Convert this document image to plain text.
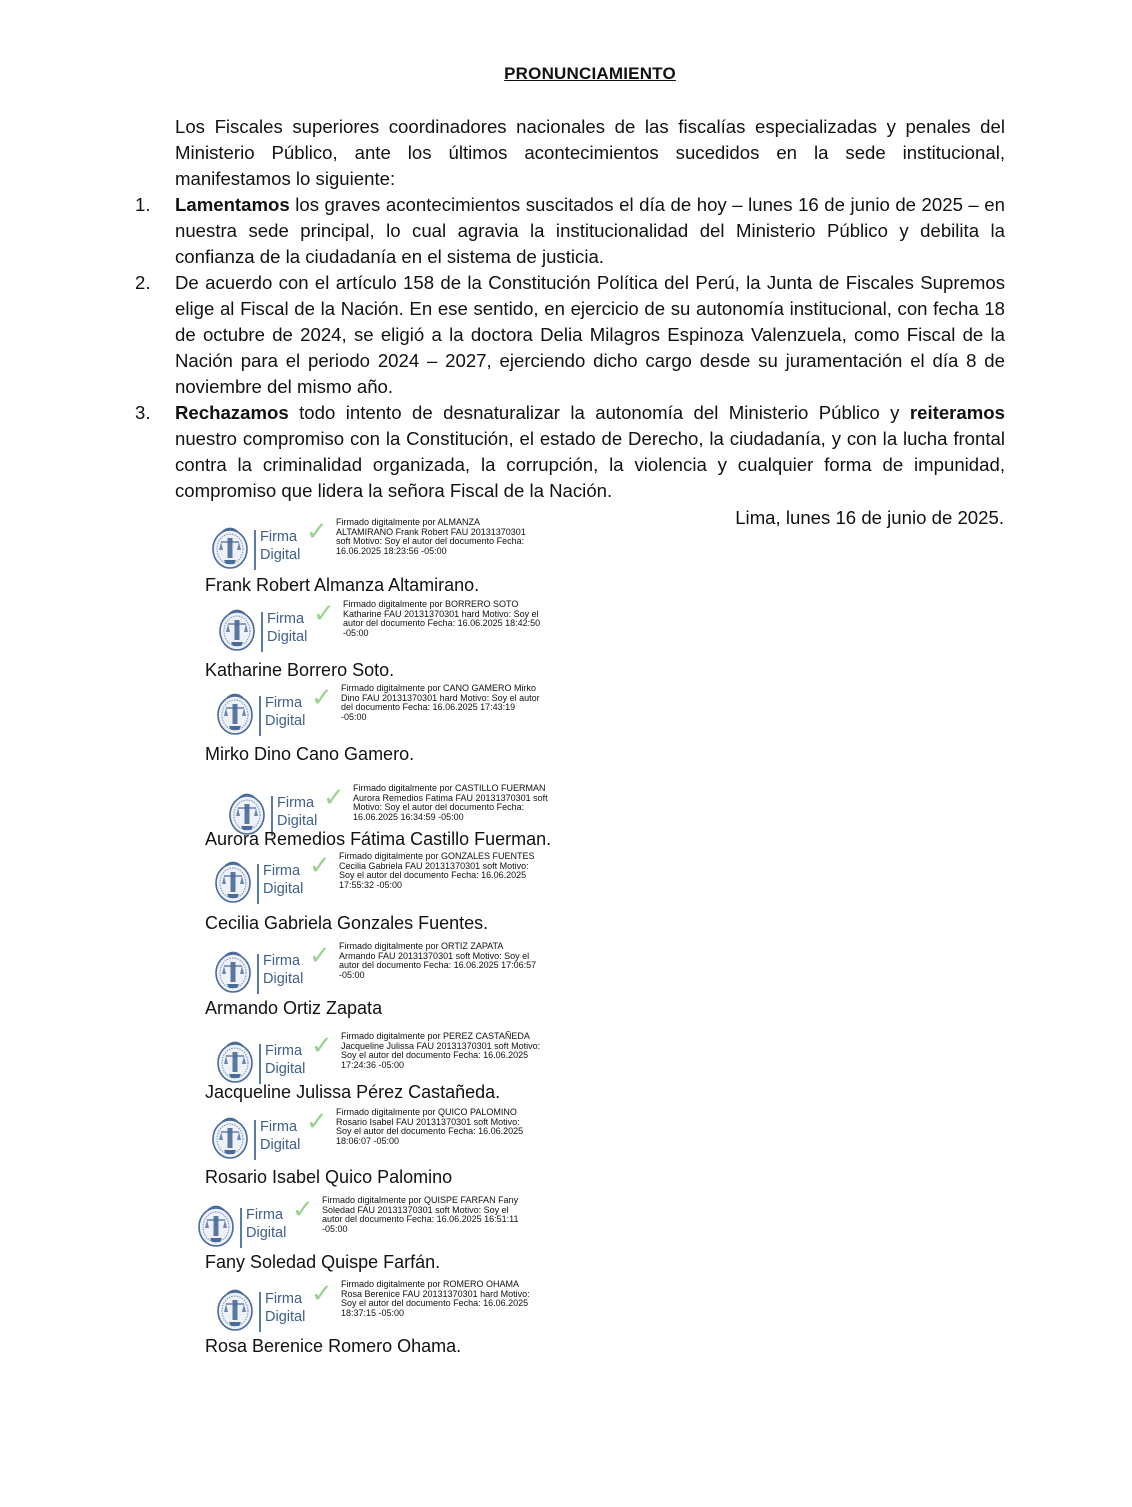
PRONUNCIAMIENTO

Los Fiscales superiores coordinadores nacionales de las fiscalías especializadas y penales del Ministerio Público, ante los últimos acontecimientos sucedidos en la sede institucional, manifestamos lo siguiente:

1. Lamentamos los graves acontecimientos suscitados el día de hoy – lunes 16 de junio de 2025 – en nuestra sede principal, lo cual agravia la institucionalidad del Ministerio Público y debilita la confianza de la ciudadanía en el sistema de justicia.
2. De acuerdo con el artículo 158 de la Constitución Política del Perú, la Junta de Fiscales Supremos elige al Fiscal de la Nación. En ese sentido, en ejercicio de su autonomía institucional, con fecha 18 de octubre de 2024, se eligió a la doctora Delia Milagros Espinoza Valenzuela, como Fiscal de la Nación para el periodo 2024 – 2027, ejerciendo dicho cargo desde su juramentación el día 8 de noviembre del mismo año.
3. Rechazamos todo intento de desnaturalizar la autonomía del Ministerio Público y reiteramos nuestro compromiso con la Constitución, el estado de Derecho, la ciudadanía, y con la lucha frontal contra la criminalidad organizada, la corrupción, la violencia y cualquier forma de impunidad, compromiso que lidera la señora Fiscal de la Nación.
Lima, lunes 16 de junio de 2025.
Firma
Digital
✓ Firmado digitalmente por ALMANZA ALTAMIRANO Frank Robert FAU 20131370301 soft Motivo: Soy el autor del documento Fecha: 16.06.2025 18:23:56 -05:00
Frank Robert Almanza Altamirano.
Firma
Digital
✓ Firmado digitalmente por BORRERO SOTO Katharine FAU 20131370301 hard Motivo: Soy el autor del documento Fecha: 16.06.2025 18:42:50 -05:00
Katharine Borrero Soto.
Firma
Digital
✓ Firmado digitalmente por CANO GAMERO Mirko Dino FAU 20131370301 hard Motivo: Soy el autor del documento Fecha: 16.06.2025 17:43:19 -05:00
Mirko Dino Cano Gamero.
Firma
Digital
✓ Firmado digitalmente por CASTILLO FUERMAN Aurora Remedios Fatima FAU 20131370301 soft Motivo: Soy el autor del documento Fecha: 16.06.2025 16:34:59 -05:00
Aurora Remedios Fátima Castillo Fuerman.
Firma
Digital
✓ Firmado digitalmente por GONZALES FUENTES Cecilia Gabriela FAU 20131370301 soft Motivo: Soy el autor del documento Fecha: 16.06.2025 17:55:32 -05:00
Cecilia Gabriela Gonzales Fuentes.
Firma
Digital
✓ Firmado digitalmente por ORTIZ ZAPATA Armando FAU 20131370301 soft Motivo: Soy el autor del documento Fecha: 16.06.2025 17:06:57 -05:00
Armando Ortiz Zapata
Firma
Digital
✓ Firmado digitalmente por PEREZ CASTAÑEDA Jacqueline Julissa FAU 20131370301 soft Motivo: Soy el autor del documento Fecha: 16.06.2025 17:24:36 -05:00
Jacqueline Julissa Pérez Castañeda.
Firma
Digital
✓ Firmado digitalmente por QUICO PALOMINO Rosario Isabel FAU 20131370301 soft Motivo: Soy el autor del documento Fecha: 16.06.2025 18:06:07 -05:00
Rosario Isabel Quico Palomino
Firma
Digital
✓ Firmado digitalmente por QUISPE FARFAN Fany Soledad FAU 20131370301 soft Motivo: Soy el autor del documento Fecha: 16.06.2025 16:51:11 -05:00
Fany Soledad Quispe Farfán.
Firma
Digital
✓ Firmado digitalmente por ROMERO OHAMA Rosa Berenice FAU 20131370301 hard Motivo: Soy el autor del documento Fecha: 16.06.2025 18:37:15 -05:00
Rosa Berenice Romero Ohama.
